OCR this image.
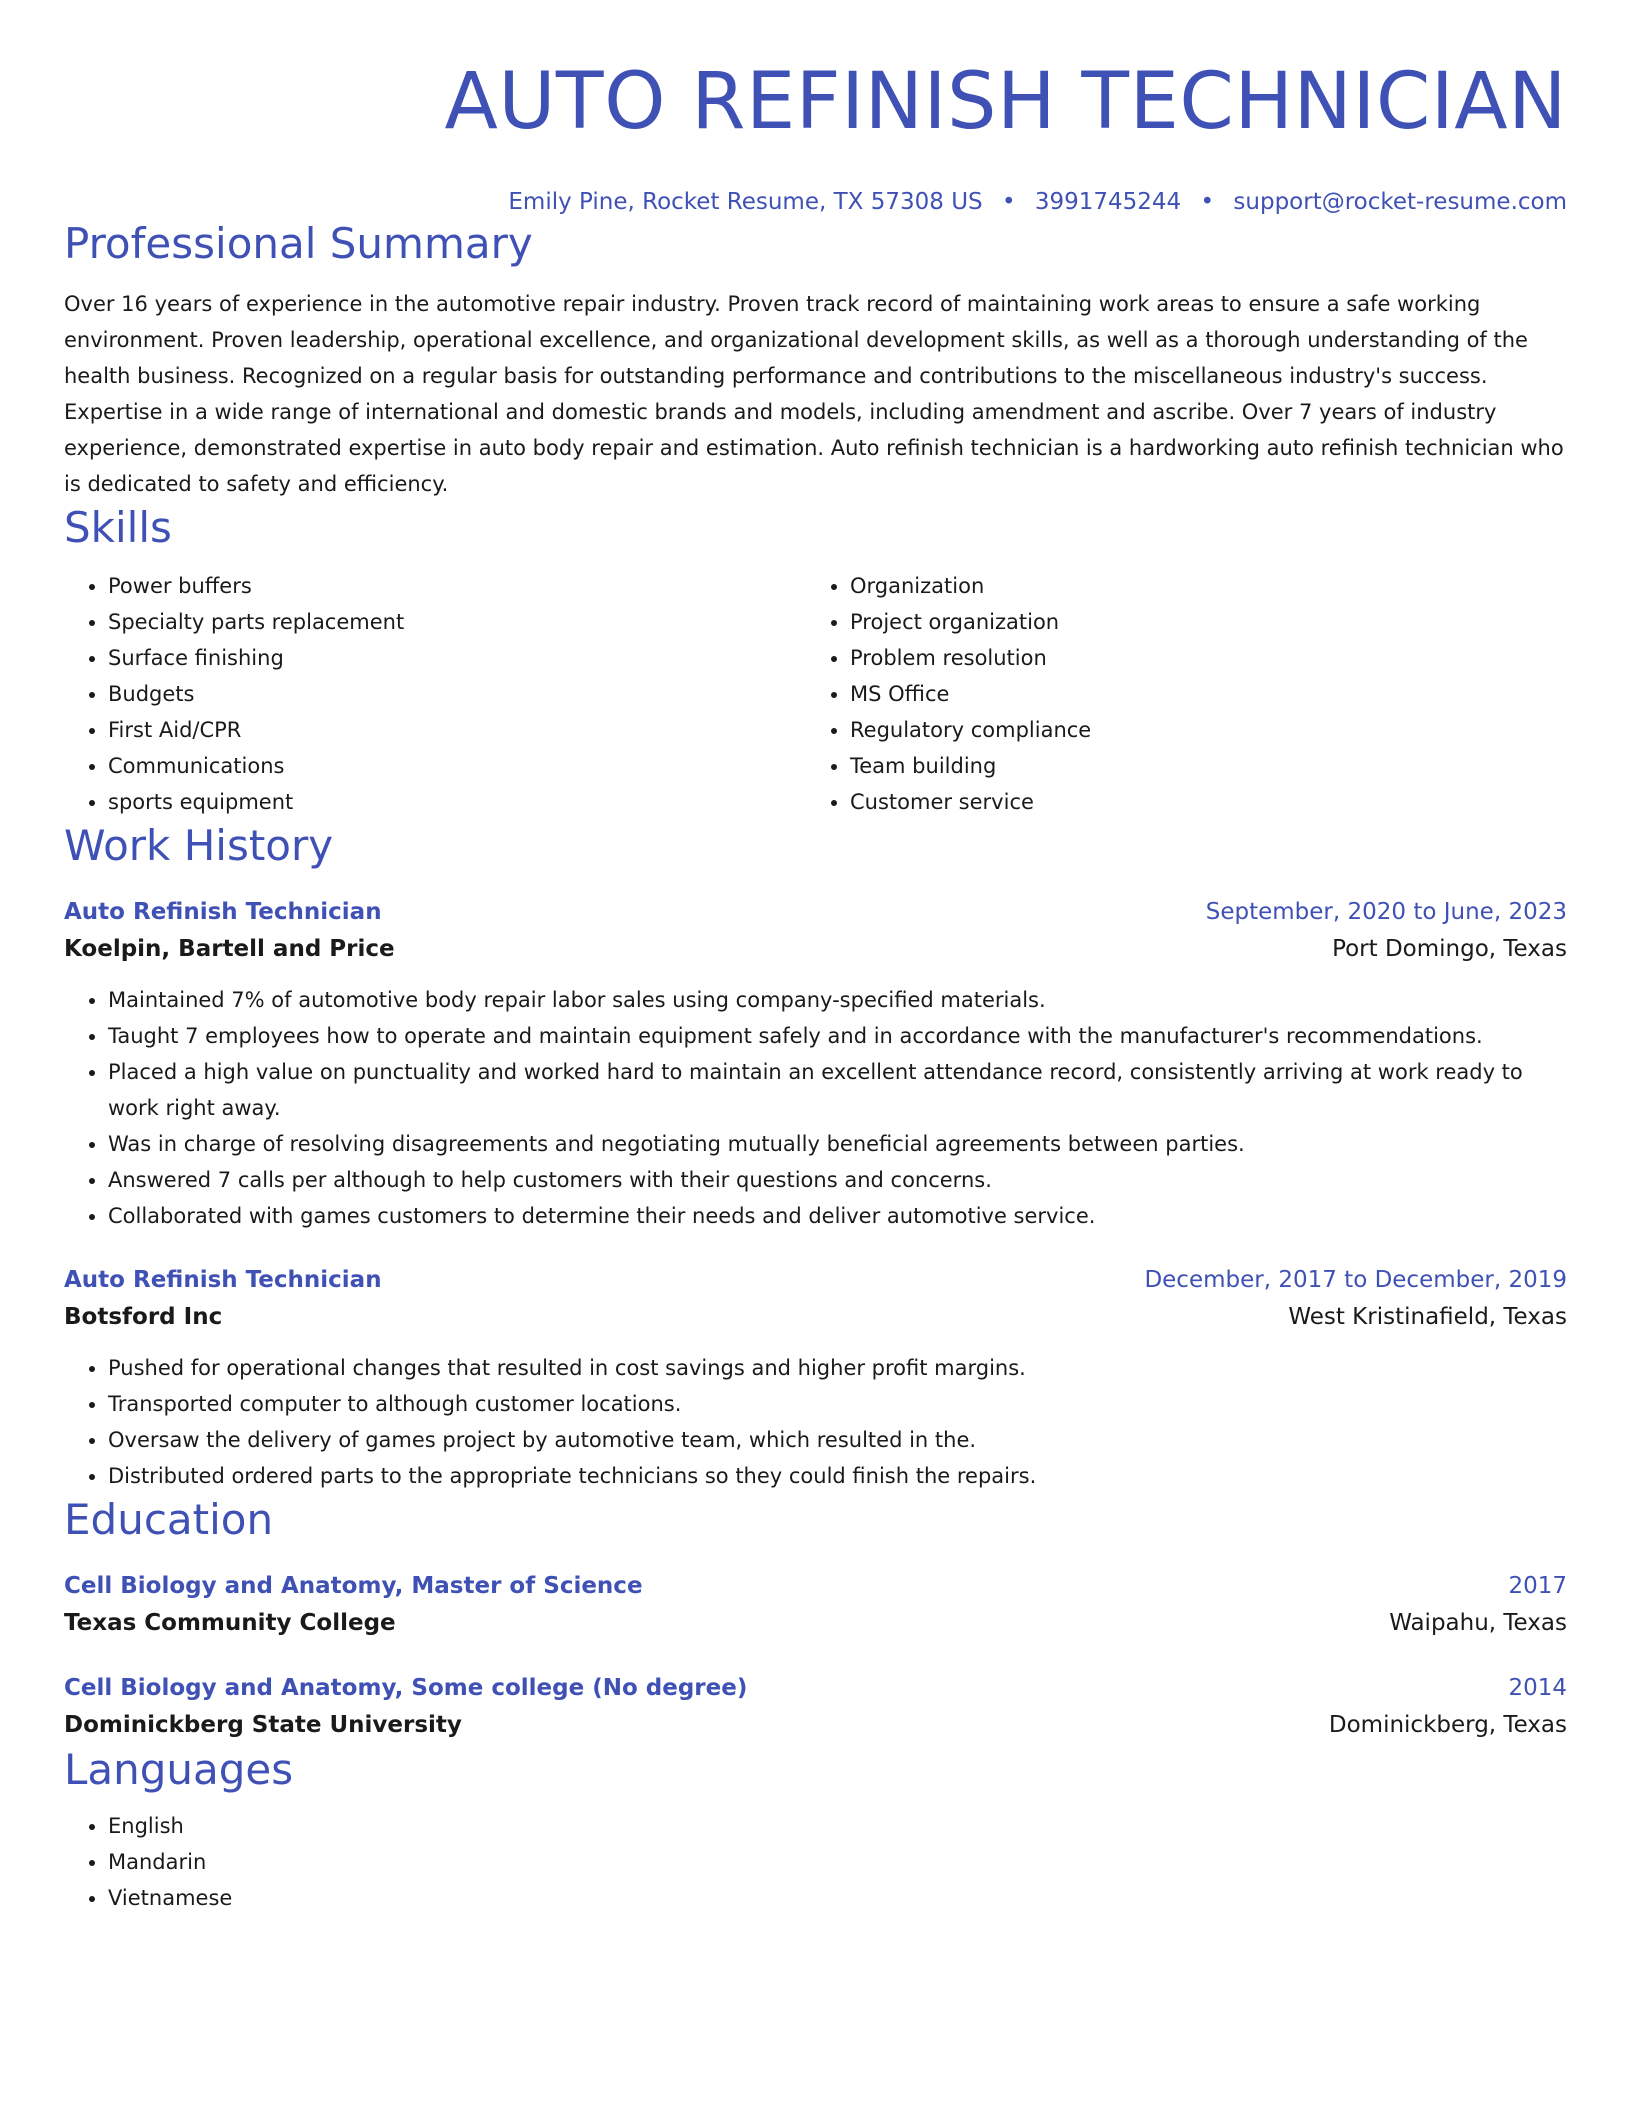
AUTO REFINISH TECHNICIAN
Emily Pine, Rocket Resume, TX 57308 US • 3991745244 • support@rocket-resume.com
Professional Summary

Over 16 years of experience in the automotive repair industry. Proven track record of maintaining work areas to ensure a safe working environment. Proven leadership, operational excellence, and organizational development skills, as well as a thorough understanding of the health business. Recognized on a regular basis for outstanding performance and contributions to the miscellaneous industry's success. Expertise in a wide range of international and domestic brands and models, including amendment and ascribe. Over 7 years of industry experience, demonstrated expertise in auto body repair and estimation. Auto refinish technician is a hardworking auto refinish technician who is dedicated to safety and efficiency.

Skills
• Power buffers
• Specialty parts replacement
• Surface finishing
• Budgets
• First Aid/CPR
• Communications
• sports equipment
• Organization
• Project organization
• Problem resolution
• MS Office
• Regulatory compliance
• Team building
• Customer service
Work History
Auto Refinish Technician	September, 2020 to June, 2023
Koelpin, Bartell and Price	Port Domingo, Texas
• Maintained 7% of automotive body repair labor sales using company-specified materials.
• Taught 7 employees how to operate and maintain equipment safely and in accordance with the manufacturer's recommendations.
• Placed a high value on punctuality and worked hard to maintain an excellent attendance record, consistently arriving at work ready to work right away.
• Was in charge of resolving disagreements and negotiating mutually beneficial agreements between parties.
• Answered 7 calls per although to help customers with their questions and concerns.
• Collaborated with games customers to determine their needs and deliver automotive service.
Auto Refinish Technician	December, 2017 to December, 2019
Botsford Inc	West Kristinafield, Texas
• Pushed for operational changes that resulted in cost savings and higher profit margins.
• Transported computer to although customer locations.
• Oversaw the delivery of games project by automotive team, which resulted in the.
• Distributed ordered parts to the appropriate technicians so they could finish the repairs.
Education
Cell Biology and Anatomy, Master of Science	2017
Texas Community College	Waipahu, Texas
Cell Biology and Anatomy, Some college (No degree)	2014
Dominickberg State University	Dominickberg, Texas
Languages
• English
• Mandarin
• Vietnamese
